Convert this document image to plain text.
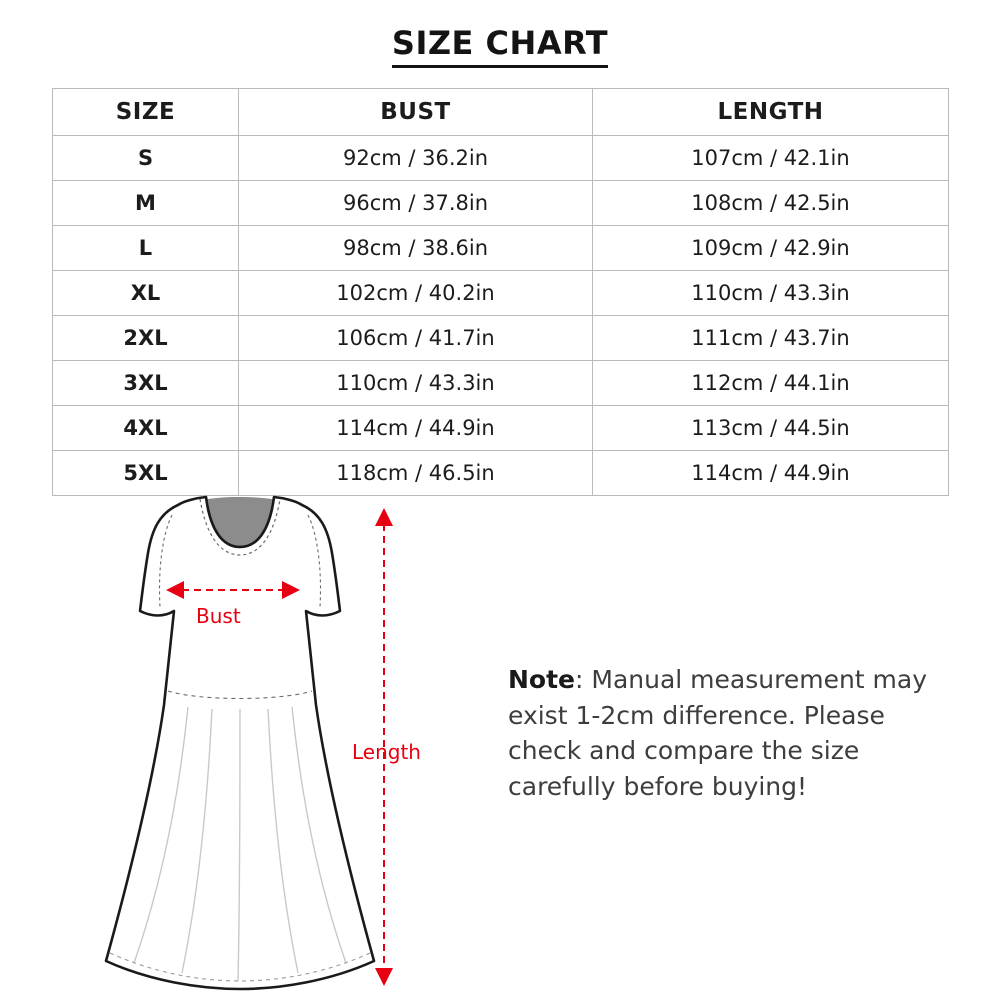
SIZE CHART
SIZE	BUST	LENGTH
S	92cm / 36.2in	107cm / 42.1in
M	96cm / 37.8in	108cm / 42.5in
L	98cm / 38.6in	109cm / 42.9in
XL	102cm / 40.2in	110cm / 43.3in
2XL	106cm / 41.7in	111cm / 43.7in
3XL	110cm / 43.3in	112cm / 44.1in
4XL	114cm / 44.9in	113cm / 44.5in
5XL	118cm / 46.5in	114cm / 44.9in
Bust
Length
Note: Manual measurement may exist 1-2cm difference. Please check and compare the size carefully before buying!
